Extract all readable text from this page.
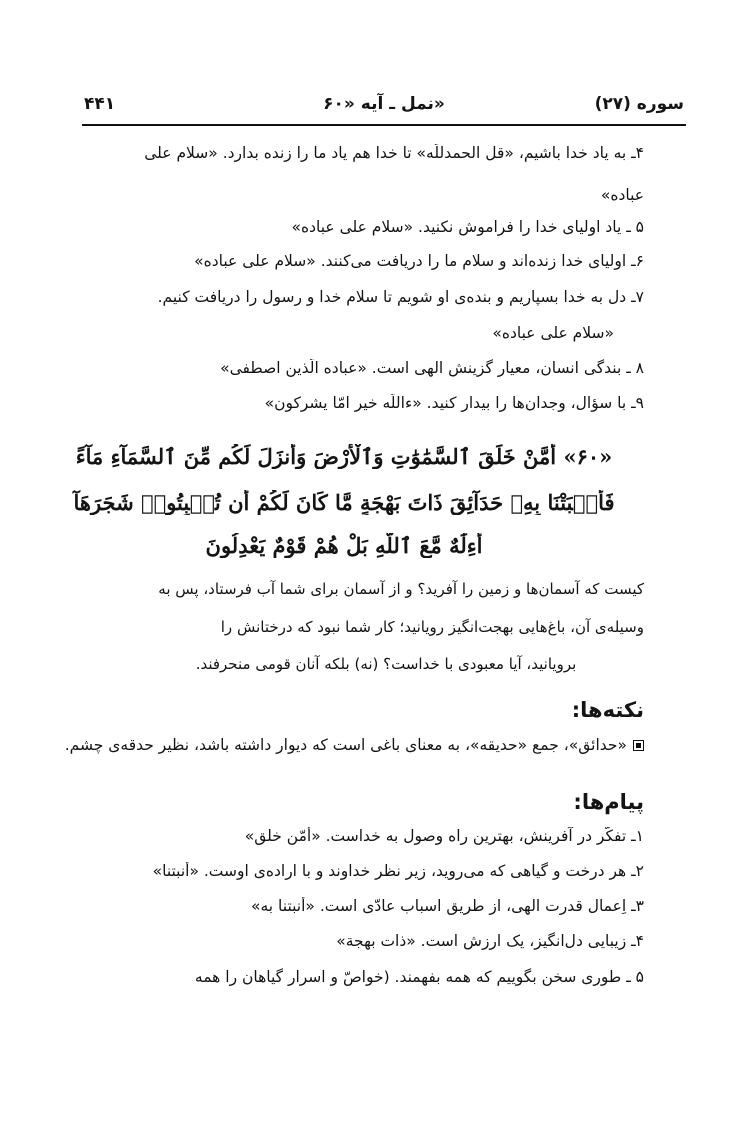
۴۴۱	نمل ـ آیه «۶۰»	سوره (۲۷)
۴ـ به یاد خدا باشیم، «قل الحمدللّه» تا خدا هم یاد ما را زنده بدارد. «سلام علی
عباده»
۵ ـ یاد اولیای خدا را فراموش نکنید. «سلام علی عباده»
۶ـ اولیای خدا زنده‌اند و سلام ما را دریافت می‌کنند. «سلام علی عباده»
۷ـ دل به خدا بسپاریم و بنده‌ی او شویم تا سلام خدا و رسول را دریافت کنیم.
«سلام علی عباده»
۸ ـ بندگی انسان، معیار گزینش الهی است. «عباده الّذین اصطفی»
۹ـ با سؤال، وجدان‌ها را بیدار کنید. «ءاللّه خیر امّا یشرکون»
«۶۰» أَمَّنْ خَلَقَ ٱلسَّمَٰوَٰتِ وَٱلْأَرْضَ وَأَنزَلَ لَكُم مِّنَ ٱلسَّمَآءِ مَآءً
فَأَنۢبَتْنَا بِهِۦ حَدَآئِقَ ذَاتَ بَهْجَةٍ مَّا كَانَ لَكُمْ أَن تُنۢبِتُوا۟ شَجَرَهَآ
أَءِلَٰهٌ مَّعَ ٱللَّهِ بَلْ هُمْ قَوْمٌ يَعْدِلُونَ
کیست که آسمان‌ها و زمین را آفرید؟ و از آسمان برای شما آب فرستاد، پس به
وسیله‌ی آن، باغ‌هایی بهجت‌انگیز رویانید؛ کار شما نبود که درختانش را
برویانید، آیا معبودی با خداست؟ (نه) بلکه آنان قومی منحرفند.
نکته‌ها:
«حدائق»، جمع «حدیقه»، به معنای باغی است که دیوار داشته باشد، نظیر حدقه‌ی چشم.
پیام‌ها:
۱ـ تفکّر در آفرینش، بهترین راه وصول به خداست. «أمّن خلق»
۲ـ هر درخت و گیاهی که می‌روید، زیر نظر خداوند و با اراده‌ی اوست. «أنبتنا»
۳ـ اِعمال قدرت الهی، از طریق اسباب عادّی است. «أنبتنا به»
۴ـ زیبایی دل‌انگیز، یک ارزش است. «ذات بهجة»
۵ ـ طوری سخن بگوییم که همه بفهمند. (خواصّ و اسرار گیاهان را همه
